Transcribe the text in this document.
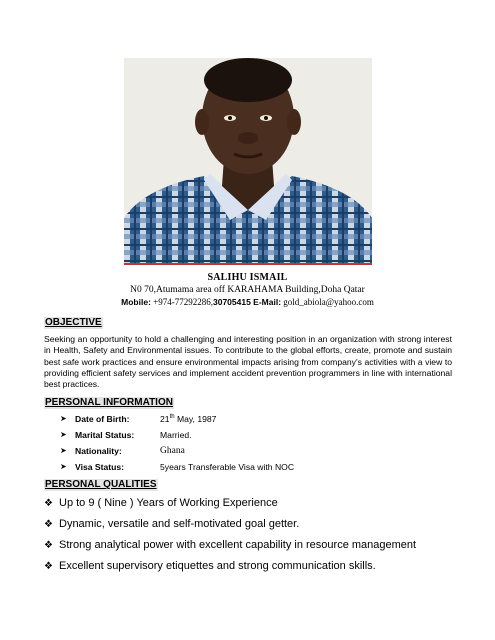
SALIHU ISMAIL
N0 70,Atumama area off KARAHAMA Building,Doha Qatar
Mobile: +974-77292286,30705415 E-Mail: gold_abiola@yahoo.com
OBJECTIVE
Seeking an opportunity to hold a challenging and interesting position in an organization with strong interest in Health, Safety and Environmental issues. To contribute to the global efforts, create, promote and sustain best safe work practices and ensure environmental impacts arising from company's activities with a view to providing efficient safety services and implement accident prevention programmers in line with international best practices.
PERSONAL INFORMATION
➤ Date of Birth:	21th May, 1987
➤ Marital Status:	Married.
➤ Nationality:	Ghana
➤ Visa Status:	5years Transferable Visa with NOC
PERSONAL QUALITIES
❖ Up to 9 ( Nine ) Years of Working Experience
❖ Dynamic, versatile and self-motivated goal getter.
❖ Strong analytical power with excellent capability in resource management
❖ Excellent supervisory etiquettes and strong communication skills.
